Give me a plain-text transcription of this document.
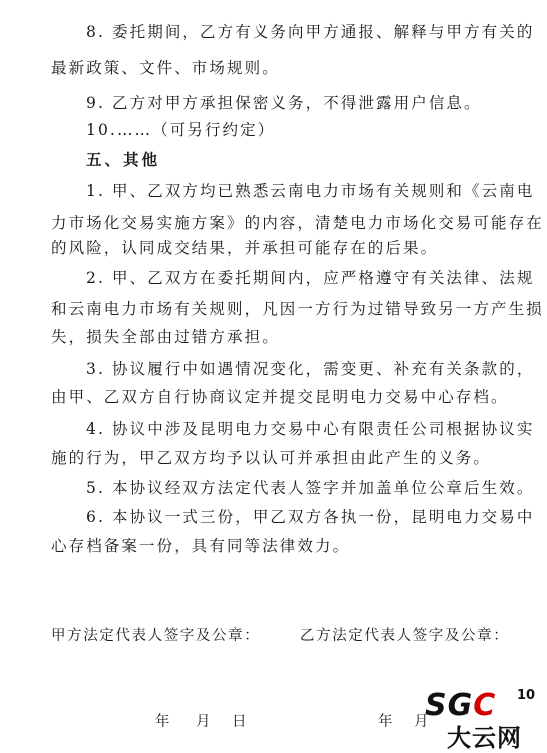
8. 委托期间，乙方有义务向甲方通报、解释与甲方有关的
最新政策、文件、市场规则。
9. 乙方对甲方承担保密义务，不得泄露用户信息。
10.……（可另行约定）
五、其他
1. 甲、乙双方均已熟悉云南电力市场有关规则和《云南电
力市场化交易实施方案》的内容，清楚电力市场化交易可能存在
的风险，认同成交结果，并承担可能存在的后果。
2. 甲、乙双方在委托期间内，应严格遵守有关法律、法规
和云南电力市场有关规则，凡因一方行为过错导致另一方产生损
失，损失全部由过错方承担。
3. 协议履行中如遇情况变化，需变更、补充有关条款的，
由甲、乙双方自行协商议定并提交昆明电力交易中心存档。
4. 协议中涉及昆明电力交易中心有限责任公司根据协议实
施的行为，甲乙双方均予以认可并承担由此产生的义务。
5. 本协议经双方法定代表人签字并加盖单位公章后生效。
6. 本协议一式三份，甲乙双方各执一份，昆明电力交易中
心存档备案一份，具有同等法律效力。
甲方法定代表人签字及公章：	乙方法定代表人签字及公章：
年 月 日	年 月
SGC 10
大云网
